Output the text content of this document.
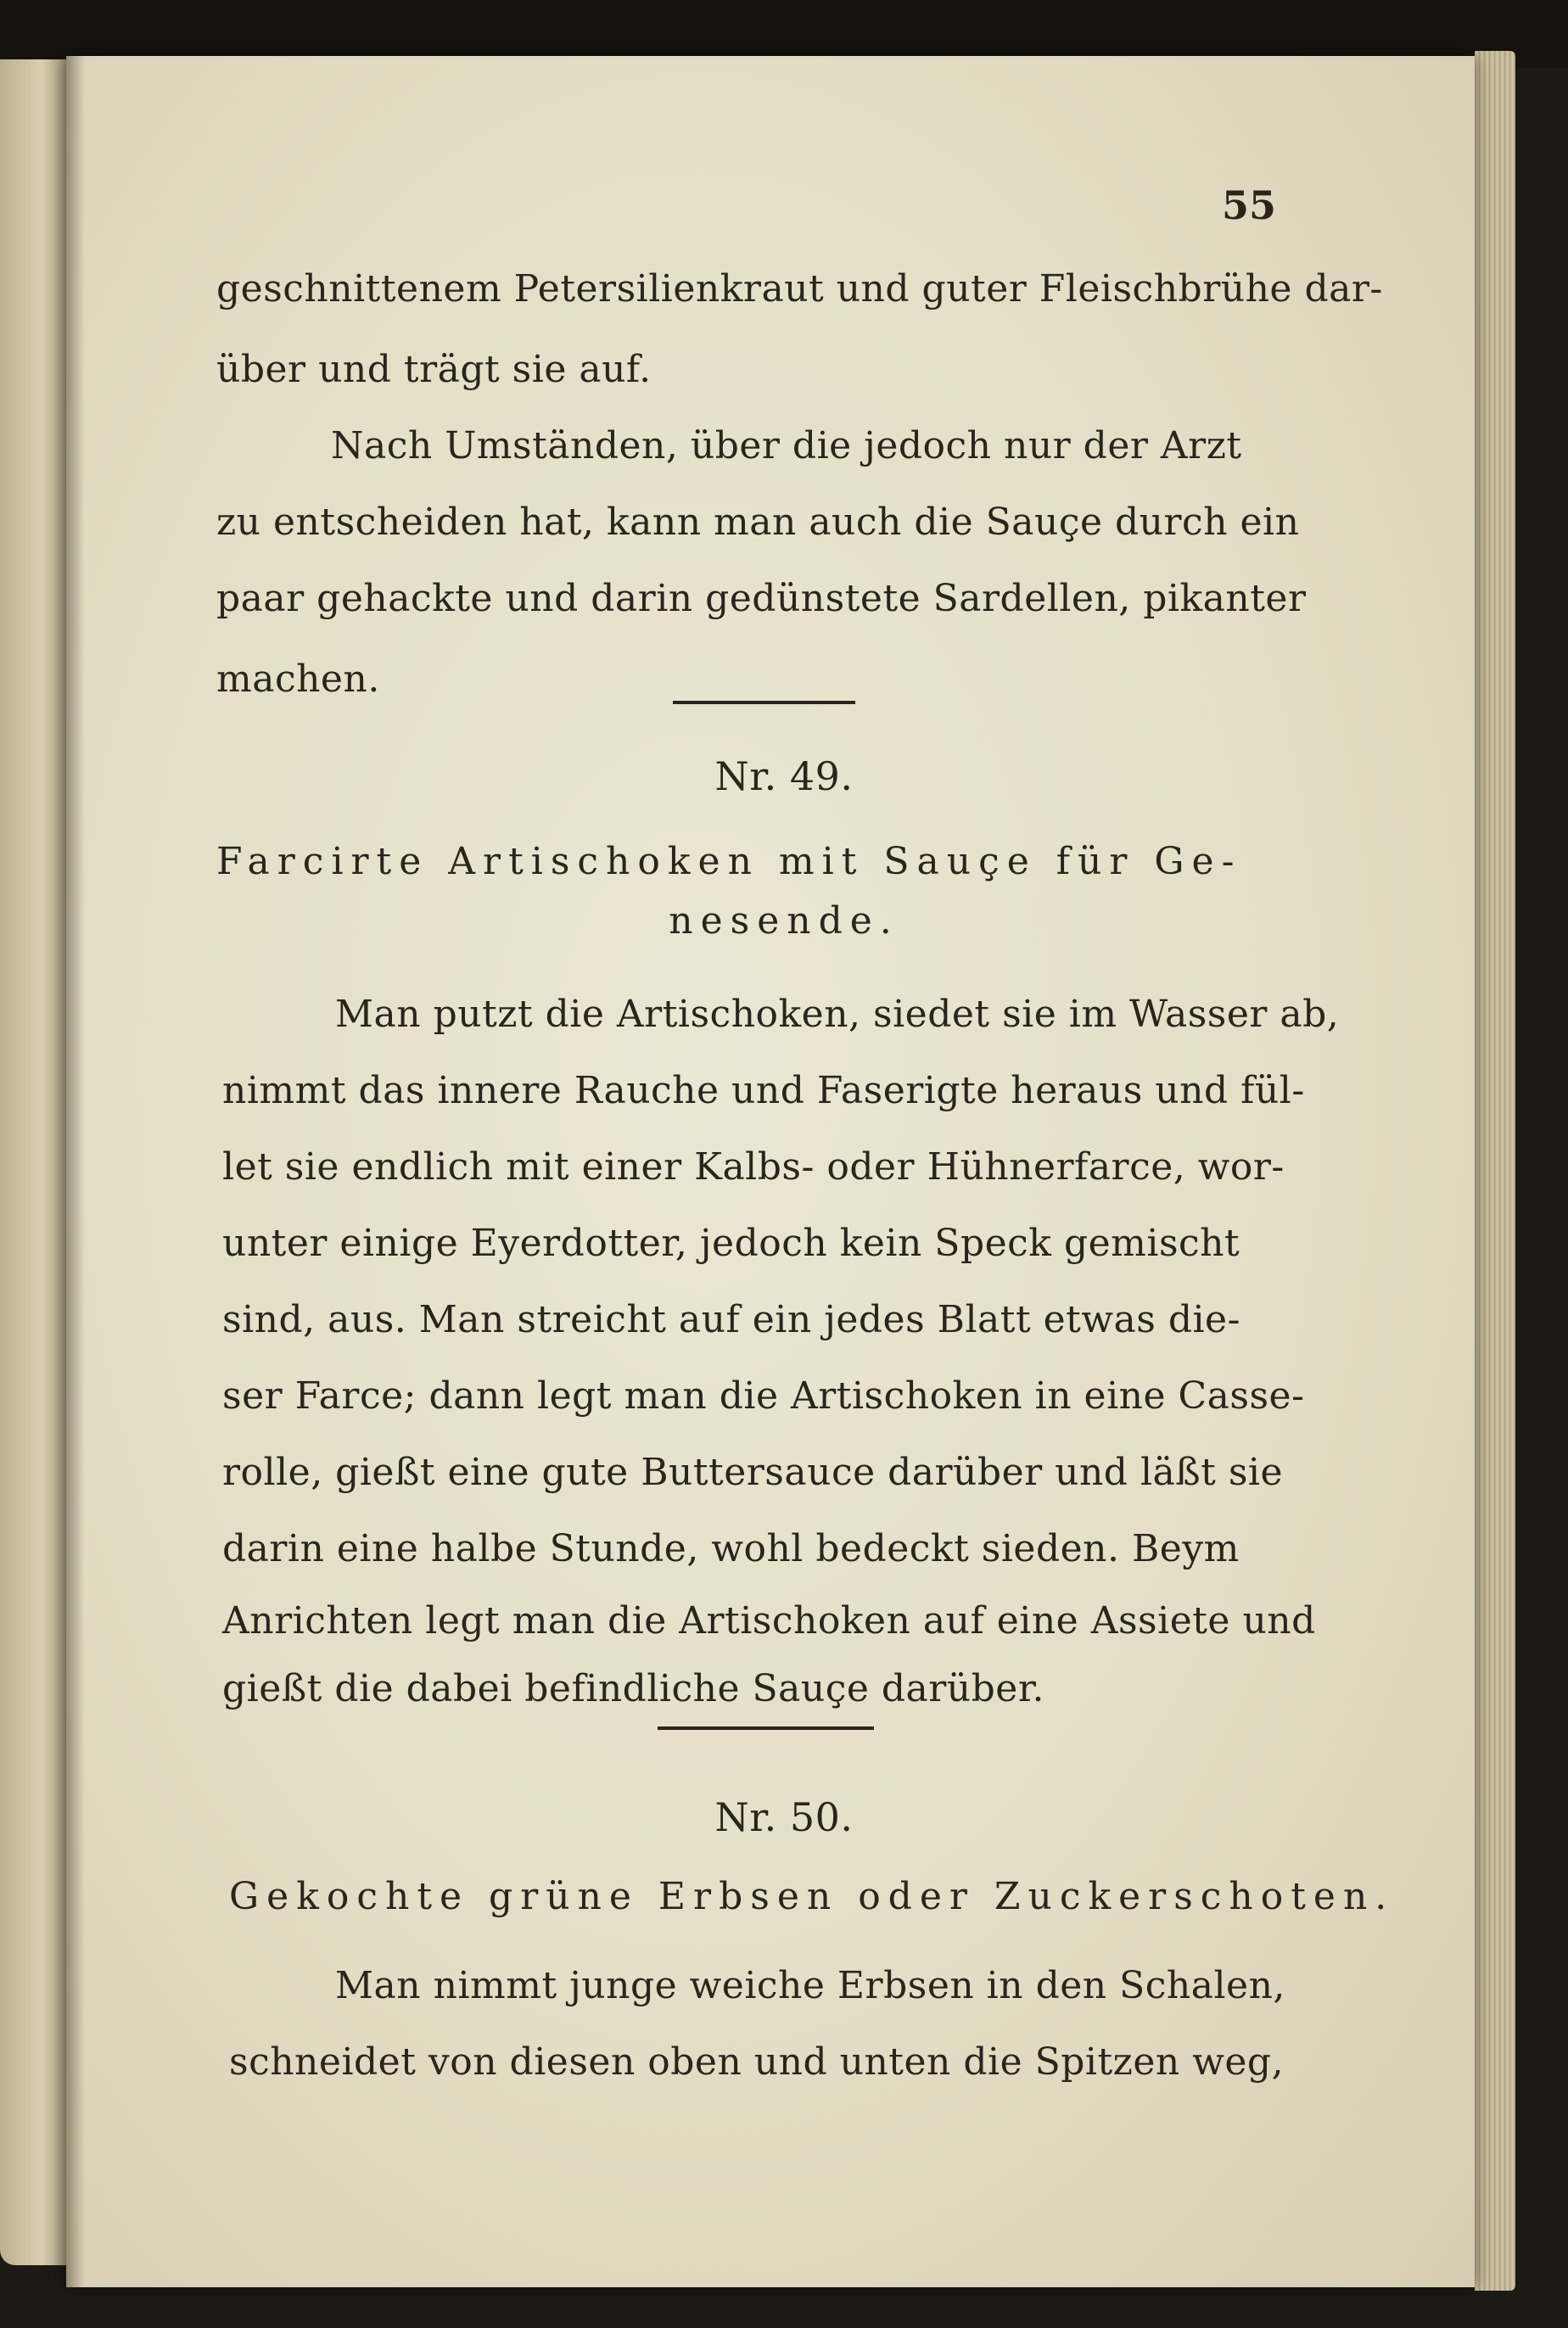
55
geschnittenem Petersilienkraut und guter Fleischbrühe dar-
über und trägt sie auf.
Nach Umständen, über die jedoch nur der Arzt
zu entscheiden hat, kann man auch die Sauçe durch ein
paar gehackte und darin gedünstete Sardellen, pikanter
machen.
Nr. 49.
Farcirte Artischoken mit Sauçe für Ge-
nesende.
Man putzt die Artischoken, siedet sie im Wasser ab,
nimmt das innere Rauche und Faserigte heraus und fül-
let sie endlich mit einer Kalbs- oder Hühnerfarce, wor-
unter einige Eyerdotter, jedoch kein Speck gemischt
sind, aus. Man streicht auf ein jedes Blatt etwas die-
ser Farce; dann legt man die Artischoken in eine Casse-
rolle, gießt eine gute Buttersauce darüber und läßt sie
darin eine halbe Stunde, wohl bedeckt sieden. Beym
Anrichten legt man die Artischoken auf eine Assiete und
gießt die dabei befindliche Sauçe darüber.
Nr. 50.
Gekochte grüne Erbsen oder Zuckerschoten.
Man nimmt junge weiche Erbsen in den Schalen,
schneidet von diesen oben und unten die Spitzen weg,
